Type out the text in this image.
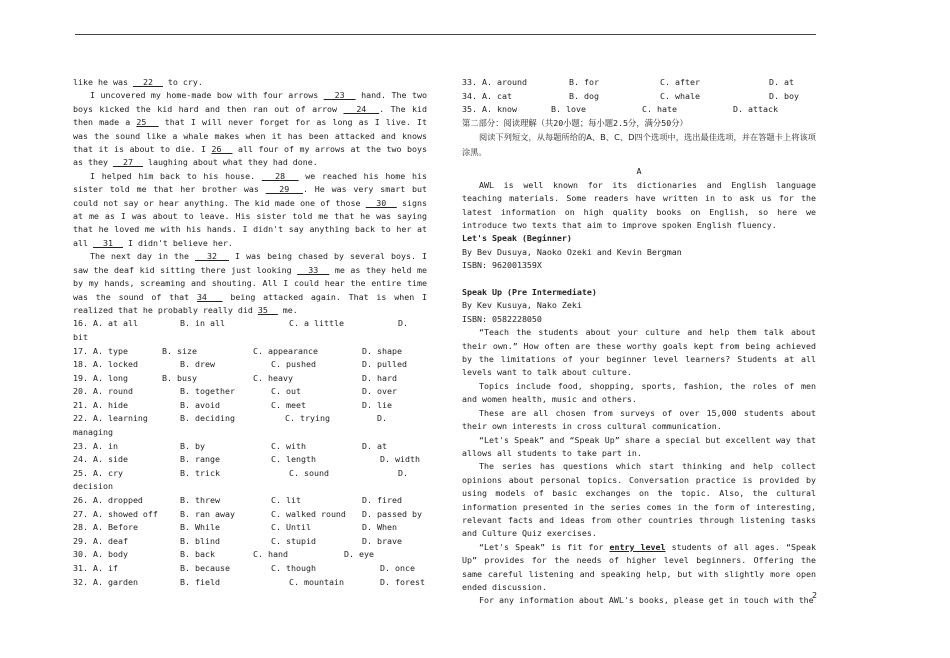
like he was   22   to cry.

I uncovered my home-made bow with four arrows   23   hand. The two boys kicked the kid hard and then ran out of arrow   24  . The kid then made a 25   that I will never forget for as long as I live. It was the sound like a whale makes when it has been attacked and knows that it is about to die. I 26   all four of my arrows at the two boys as they   27   laughing about what they had done.

I helped him back to his house.   28   we reached his home his sister told me that her brother was   29  . He was very smart but could not say or hear anything. The kid made one of those   30   signs at me as I was about to leave. His sister told me that he was saying that he loved me with his hands. I didn't say anything back to her at all   31   I didn't believe her.

The next day in the   32   I was being chased by several boys. I saw the deaf kid sitting there just looking   33   me as they held me by my hands, screaming and shouting. All I could hear the entire time was the sound of that 34   being attacked again. That is when I realized that he probably really did 35   me.

16. A. at all	B. in all	C. a little	D.
bit
17. A. type	B. size	C. appearance	D. shape
18. A. locked	B. drew	C. pushed	D. pulled
19. A. long	B. busy	C. heavy	D. hard
20. A. round	B. together	C. out	D. over
21. A. hide	B. avoid	C. meet	D. lie
22. A. learning	B. deciding	C. trying	D.
managing
23. A. in	B. by	C. with	D. at
24. A. side	B. range	C. length	D. width
25. A. cry	B. trick	C. sound	D.
decision
26. A. dropped	B. threw	C. lit	D. fired
27. A. showed off	B. ran away	C. walked round D. passed by
28. A. Before	B. While	C. Until	D. When
29. A. deaf	B. blind	C. stupid	D. brave
30. A. body	B. back	C. hand	D. eye
31. A. if	B. because	C. though	D. once
32. A. garden	B. field	C. mountain	D. forest
33. A. around	B. for	C. after	D. at
34. A. cat	B. dog	C. whale	D. boy
35. A. know	B. love	C. hate	D. attack

第二部分：阅读理解（共20小题；每小题2.5分，满分50分）

阅读下列短文，从每题所给的A、B、C、D四个选项中，选出最佳选项，并在答题卡上将该项涂黑。

A

AWL is well known for its dictionaries and English language teaching materials. Some readers have written in to ask us for the latest information on high quality books on English, so here we introduce two texts that aim to improve spoken English fluency.

Let's Speak (Beginner)

By Bev Dusuya, Naoko Ozeki and Kevin Bergman

ISBN: 962001359X

Speak Up (Pre Intermediate)

By Kev Kusuya, Nako Zeki

ISBN: 0582228050

“Teach the students about your culture and help them talk about their own.” How often are these worthy goals kept from being achieved by the limitations of your beginner level learners? Students at all levels want to talk about culture.

Topics include food, shopping, sports, fashion, the roles of men and women health, music and others.

These are all chosen from surveys of over 15,000 students about their own interests in cross cultural communication.

“Let's Speak” and “Speak Up” share a special but excellent way that allows all students to take part in.

The series has questions which start thinking and help collect opinions about personal topics. Conversation practice is provided by using models of basic exchanges on the topic. Also, the cultural information presented in the series comes in the form of interesting, relevant facts and ideas from other countries through listening tasks and Culture Quiz exercises.

“Let's Speak” is fit for entry level students of all ages. “Speak Up” provides for the needs of higher level beginners. Offering the same careful listening and speaking help, but with slightly more open ended discussion.

For any information about AWL's books, please get in touch with the

2
